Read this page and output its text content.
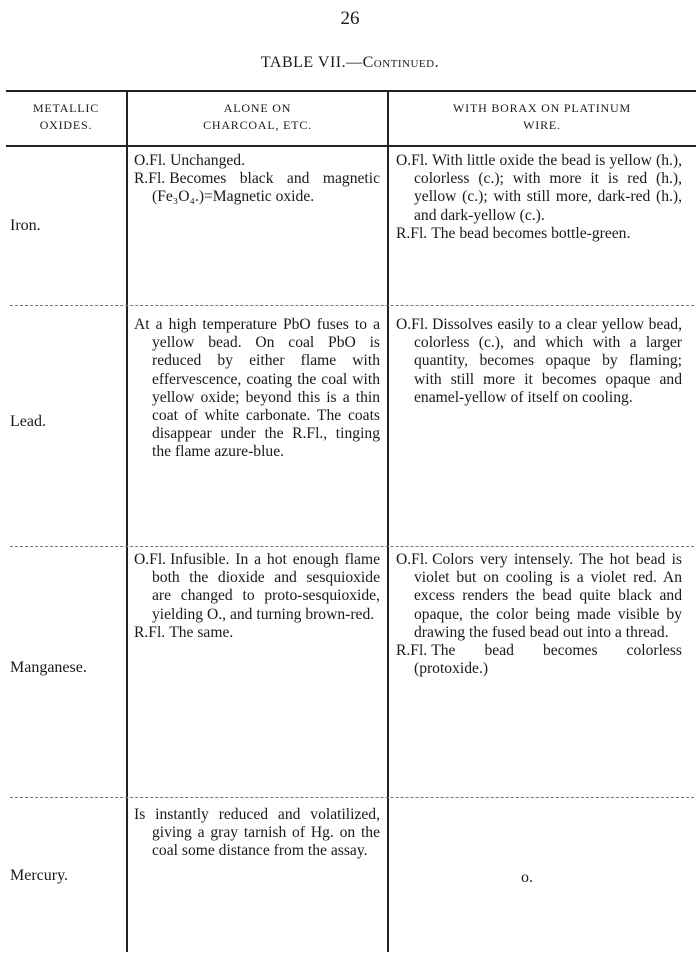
26
TABLE VII.—Continued.
METALLIC
OXIDES.
ALONE ON
CHARCOAL, ETC.
WITH BORAX ON PLATINUM
WIRE.
Iron.

O.Fl. Unchanged.

R.Fl. Becomes black and magnetic (Fe₃O₄.)=Magnetic oxide.

O.Fl. With little oxide the bead is yellow (h.), colorless (c.); with more it is red (h.), yellow (c.); with still more, dark-red (h.), and dark-yellow (c.).

R.Fl. The bead becomes bottle-green.

Lead.

At a high temperature PbO fuses to a yellow bead. On coal PbO is reduced by either flame with effervescence, coating the coal with yellow oxide; beyond this is a thin coat of white carbonate. The coats disappear under the R.Fl., tinging the flame azure-blue.

O.Fl. Dissolves easily to a clear yellow bead, colorless (c.), and which with a larger quantity, becomes opaque by flaming; with still more it becomes opaque and enamel-yellow of itself on cooling.

Manganese.

O.Fl. Infusible. In a hot enough flame both the dioxide and sesquioxide are changed to proto-sesquioxide, yielding O., and turning brown-red.

R.Fl. The same.

O.Fl. Colors very intensely. The hot bead is violet but on cooling is a violet red. An excess renders the bead quite black and opaque, the color being made visible by drawing the fused bead out into a thread.

R.Fl. The bead becomes colorless (protoxide.)

Mercury.

Is instantly reduced and volatilized, giving a gray tarnish of Hg. on the coal some distance from the assay.

o.
